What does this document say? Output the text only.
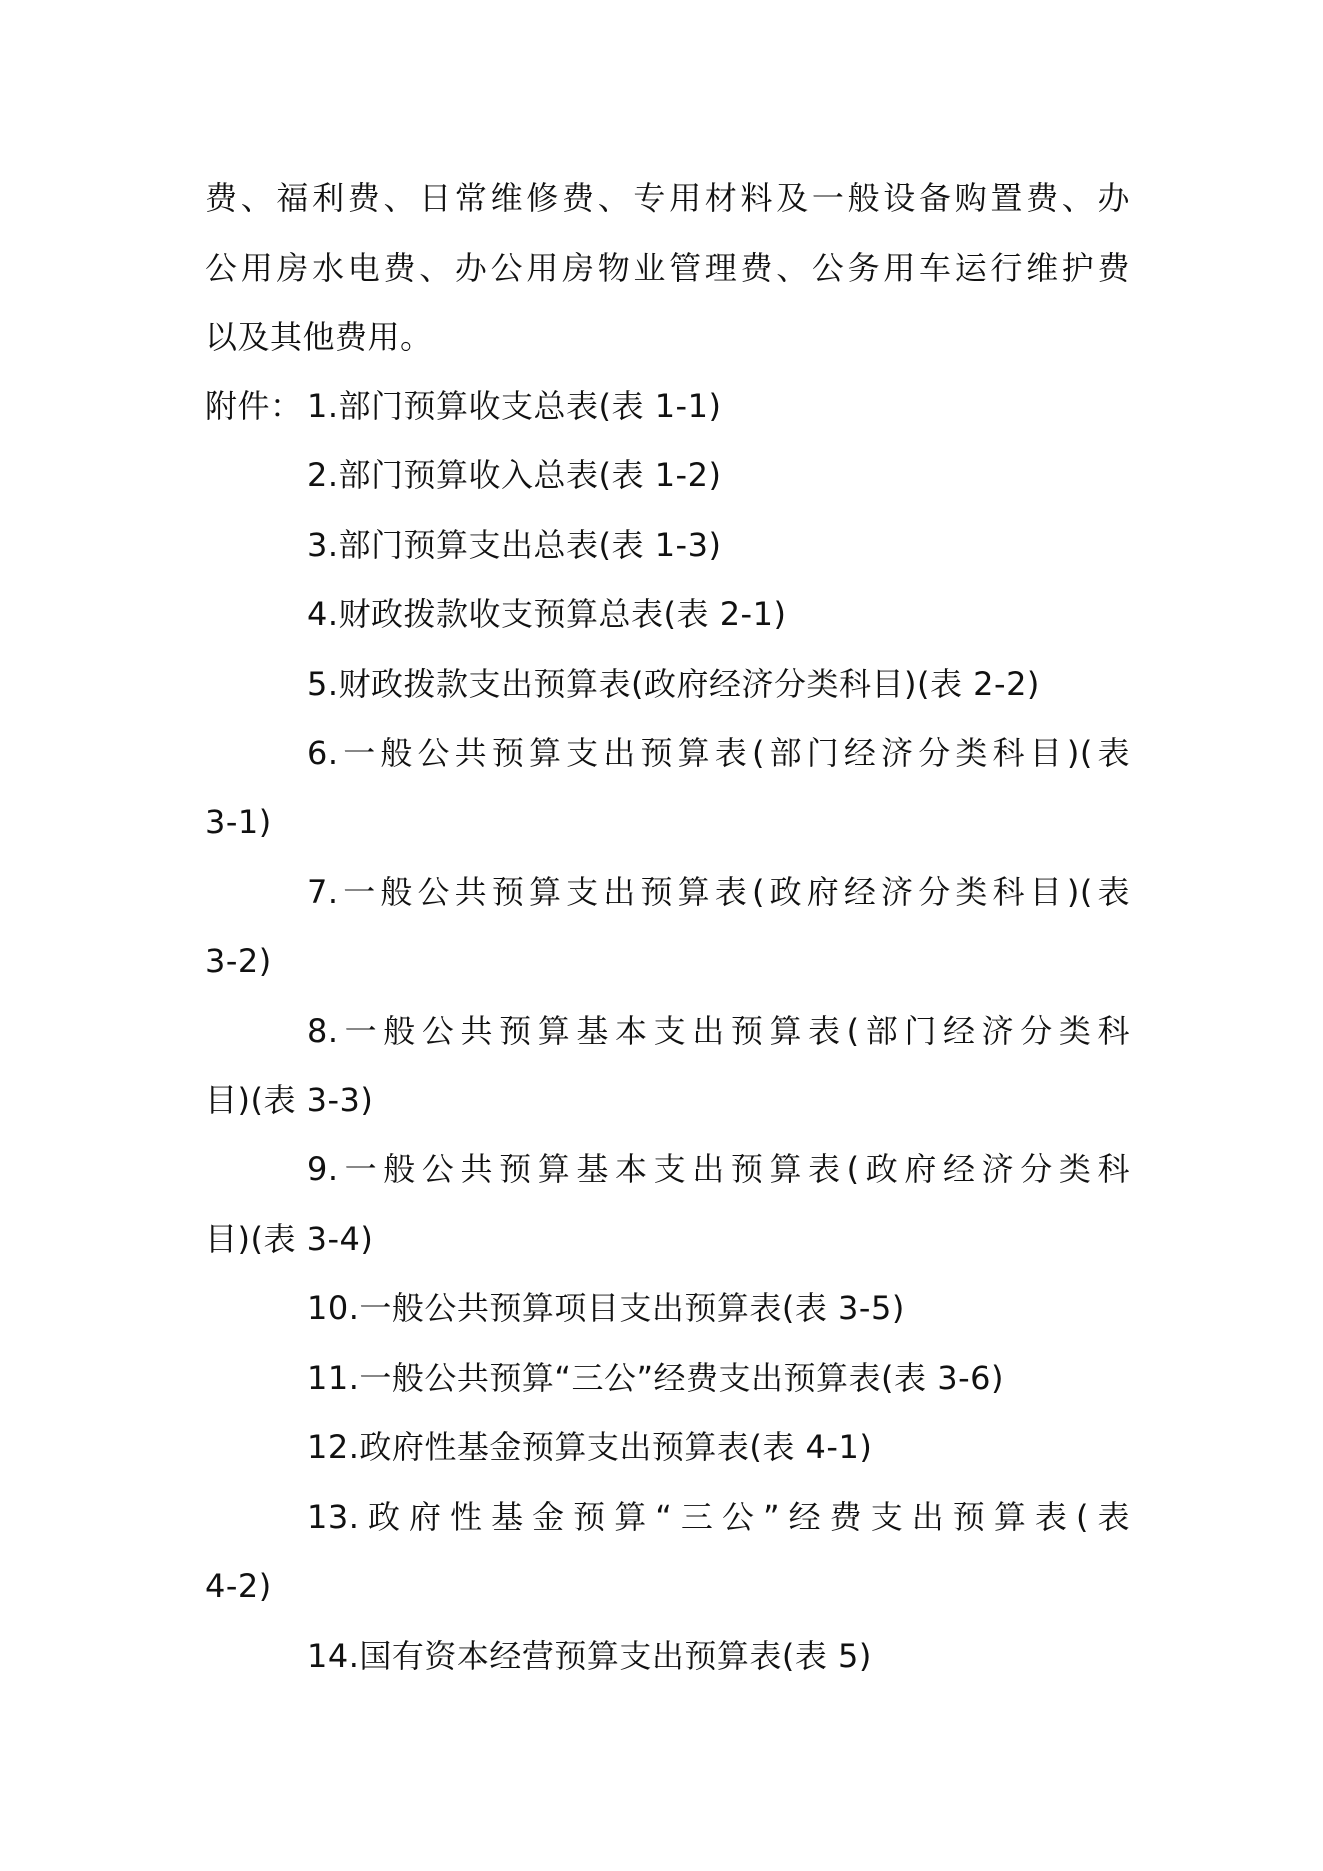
费、福利费、日常维修费、专用材料及一般设备购置费、办
公用房水电费、办公用房物业管理费、公务用车运行维护费
以及其他费用。
附件： 1.部门预算收支总表(表 1-1)
2.部门预算收入总表(表 1-2)
3.部门预算支出总表(表 1-3)
4.财政拨款收支预算总表(表 2-1)
5.财政拨款支出预算表(政府经济分类科目)(表 2-2)
6.一般公共预算支出预算表(部门经济分类科目)(表
3-1)
7.一般公共预算支出预算表(政府经济分类科目)(表
3-2)
8.一般公共预算基本支出预算表(部门经济分类科
目)(表 3-3)
9.一般公共预算基本支出预算表(政府经济分类科
目)(表 3-4)
10.一般公共预算项目支出预算表(表 3-5)
11.一般公共预算“三公”经费支出预算表(表 3-6)
12.政府性基金预算支出预算表(表 4-1)
13.政府性基金预算“三公”经费支出预算表(表
4-2)
14.国有资本经营预算支出预算表(表 5)
